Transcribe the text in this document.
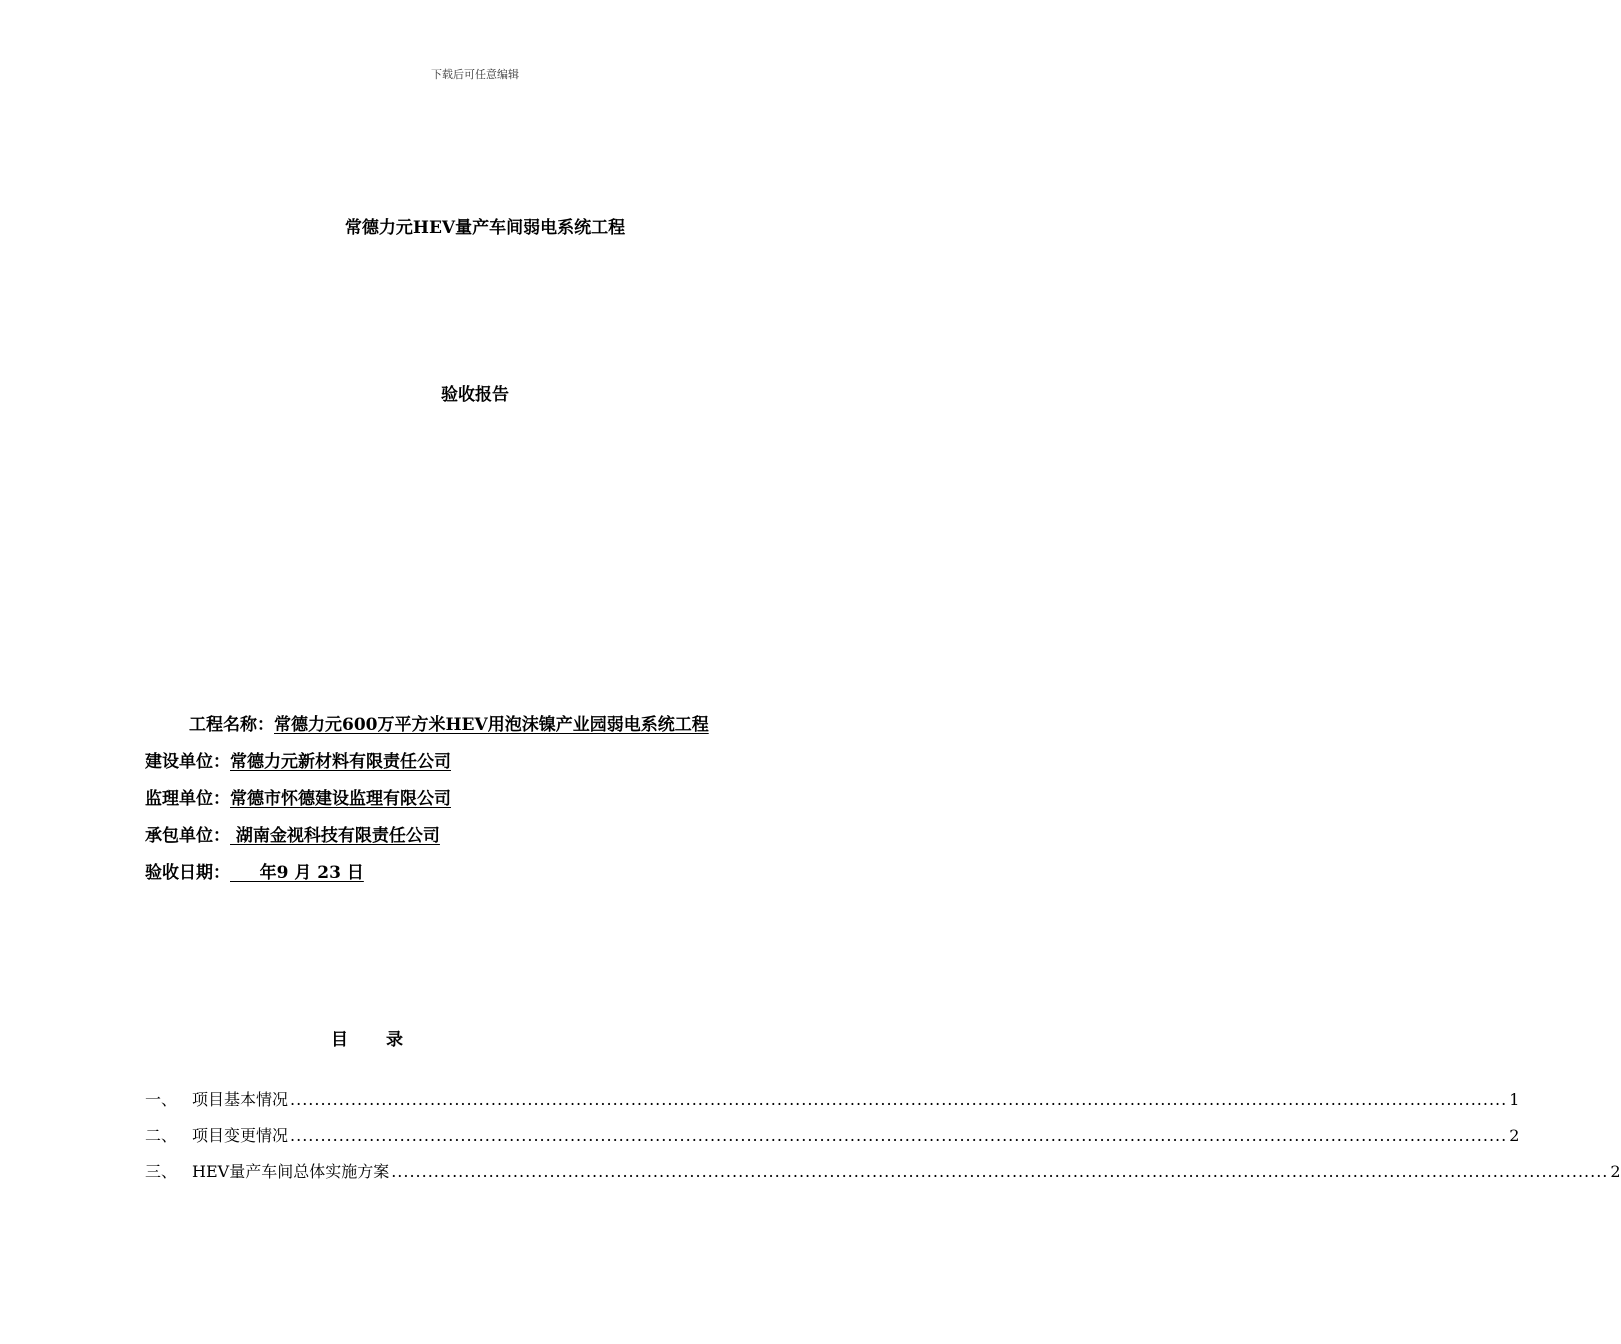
下载后可任意编辑
常德力元HEV量产车间弱电系统工程
验收报告
工程名称：常德力元600万平方米HEV用泡沫镍产业园弱电系统工程
建设单位：常德力元新材料有限责任公司
监理单位：常德市怀德建设监理有限公司
承包单位： 湖南金视科技有限责任公司
验收日期：     年9 月 23 日
目录
一、 项目基本情况 ........................................................................................................................................................................................................ 1
二、 项目变更情况 ........................................................................................................................................................................................................ 2
三、 HEV量产车间总体实施方案 ........................................................................................................................................................................................................ 2
